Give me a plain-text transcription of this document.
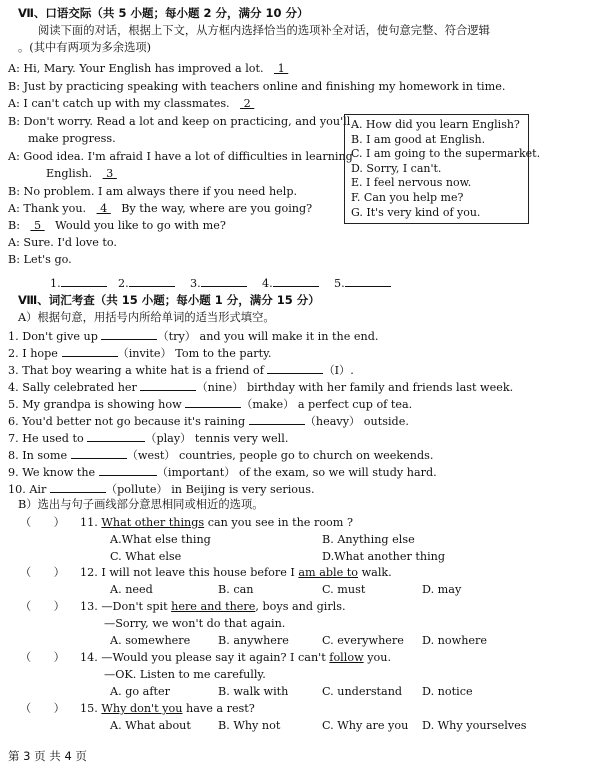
Ⅶ、口语交际（共 5 小题；每小题 2 分，满分 10 分）
阅读下面的对话，根据上下文，从方框内选择恰当的选项补全对话，使句意完整、符合逻辑
。(其中有两项为多余选项)
A: Hi, Mary. Your English has improved a lot.  1
B: Just by practicing speaking with teachers online and finishing my homework in time.
A: I can't catch up with my classmates.  2
B: Don't worry. Read a lot and keep on practicing, and you'll
make progress.
A: Good idea. I'm afraid I have a lot of difficulties in learning
English.  3
B: No problem. I am always there if you need help.
A: Thank you.  4  By the way, where are you going?
B:  5  Would you like to go with me?
A: Sure. I'd love to.
B: Let's go.
A. How did you learn English?
B. I am good at English.
C. I am going to the supermarket.
D. Sorry, I can't.
E. I feel nervous now.
F. Can you help me?
G. It's very kind of you.
1.	2.	3.	4.	5.
Ⅷ、词汇考查（共 15 小题；每小题 1 分，满分 15 分）
A）根据句意，用括号内所给单词的适当形式填空。
1. Don't give up	（try） and you will make it in the end.
2. I hope	（invite） Tom to the party.
3. That boy wearing a white hat is a friend of	（I）.
4. Sally celebrated her	（nine） birthday with her family and friends last week.
5. My grandpa is showing how	（make） a perfect cup of tea.
6. You'd better not go because it's raining	（heavy） outside.
7. He used to	（play） tennis very well.
8. In some	（west） countries, people go to church on weekends.
9. We know the	（important） of the exam, so we will study hard.
10. Air	（pollute） in Beijing is very serious.
B）选出与句子画线部分意思相同或相近的选项。
（　　） 11. What other things can you see in the room ?
A.What else thing	B. Anything else
C. What else	D.What another thing
（　　） 12. I will not leave this house before I am able to walk.
A. need	B. can	C. must	D. may
（　　） 13. —Don't spit here and there, boys and girls.
—Sorry, we won't do that again.
A. somewhere B. anywhere	C. everywhere D. nowhere
（　　） 14. —Would you please say it again? I can't follow you.
—OK. Listen to me carefully.
A. go after	B. walk with	C. understand D. notice
（　　） 15. Why don't you have a rest?
A. What about B. Why not	C. Why are you D. Why yourselves
第 3 页 共 4 页
